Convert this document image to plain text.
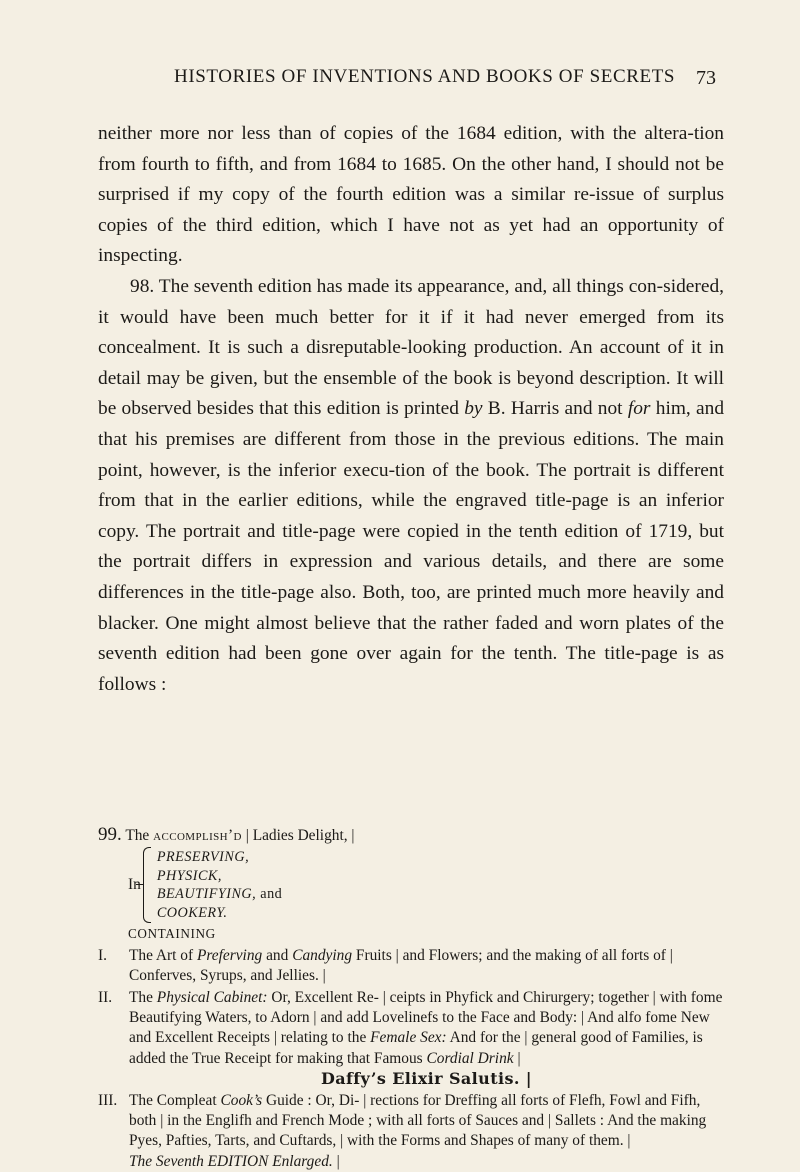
HISTORIES OF INVENTIONS AND BOOKS OF SECRETS 73

neither more nor less than of copies of the 1684 edition, with the altera-tion from fourth to fifth, and from 1684 to 1685. On the other hand, I should not be surprised if my copy of the fourth edition was a similar re-issue of surplus copies of the third edition, which I have not as yet had an opportunity of inspecting.

98. The seventh edition has made its appearance, and, all things con-sidered, it would have been much better for it if it had never emerged from its concealment. It is such a disreputable-looking production. An account of it in detail may be given, but the ensemble of the book is beyond description. It will be observed besides that this edition is printed by B. Harris and not for him, and that his premises are different from those in the previous editions. The main point, however, is the inferior execu-tion of the book. The portrait is different from that in the earlier editions, while the engraved title-page is an inferior copy. The portrait and title-page were copied in the tenth edition of 1719, but the portrait differs in expression and various details, and there are some differences in the title-page also. Both, too, are printed much more heavily and blacker. One might almost believe that the rather faded and worn plates of the seventh edition had been gone over again for the tenth. The title-page is as follows :

99. The accomplish’d | Ladies Delight, |
In
PRESERVING,
PHYSICK,
BEAUTIFYING, and
COOKERY.
CONTAINING
I.	The Art of Preferving and Candying Fruits | and Flowers; and the making of all forts of | Conferves, Syrups, and Jellies. |
II.	The Physical Cabinet: Or, Excellent Re- | ceipts in Phyfick and Chirurgery; together | with fome Beautifying Waters, to Adorn | and add Lovelinefs to the Face and Body: | And alfo fome New and Excellent Receipts | relating to the Female Sex: And for the | general good of Families, is added the True Receipt for making that Famous Cordial Drink |
Daffy’s Elixir Salutis. |
III. The Compleat Cook’s Guide : Or, Di- | rections for Dreffing all forts of Flefh, Fowl and Fifh, both | in the Englifh and French Mode ; with all forts of Sauces and | Sallets : And the making Pyes, Pafties, Tarts, and Cuftards, | with the Forms and Shapes of many of them. |
The Seventh EDITION Enlarged. |
